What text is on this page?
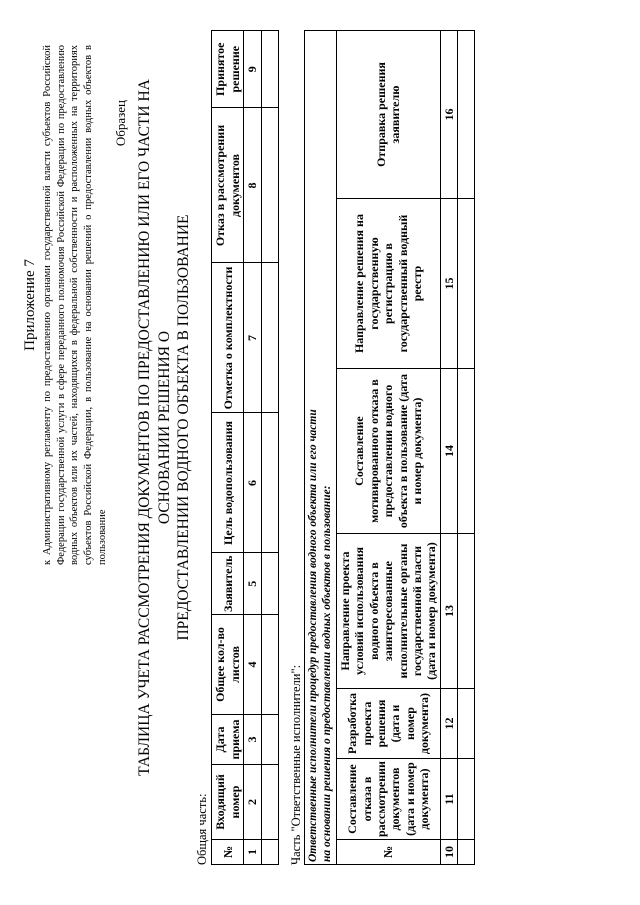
Приложение 7 к Административному регламенту по предоставлению органами государственной власти субъектов Российской Федерации государственной услуги в сфере переданного полномочия Российской Федерации по предоставлению водных объектов или их частей, находящихся в федеральной собственности и расположенных на территориях субъектов Российской Федерации, в пользование на основании решений о предоставлении водных объектов в пользование
Образец ТАБЛИЦА УЧЕТА РАССМОТРЕНИЯ ДОКУМЕНТОВ ПО ПРЕДОСТАВЛЕНИЮ ИЛИ ЕГО ЧАСТИ НА ОСНОВАНИИ РЕШЕНИЯ О ПРЕДОСТАВЛЕНИИ ВОДНОГО ОБЪЕКТА В ПОЛЬЗОВАНИЕ
Общая часть: №	Входящий номер	Дата приема	Общее кол-во листов	Заявитель	Цель водопользования	Отметка о комплектности	Отказ в рассмотрении документов	Принятое решение
1	2	3	4	5	6	7	8	9

Часть "Ответственные исполнители": Ответственные исполнители процедур предоставления водного объекта или его части на основании решения о предоставлении водных объектов в пользование:						

№	Составление отказа в рассмотрении документов (дата и номер документа)	Разработка проекта решения (дата и номер документа)	Направление проекта условий использования водного объекта в заинтересованные исполнительные органы государственной власти (дата и номер документа)	Составление мотивированного отказа в предоставлении водного объекта в пользование (дата и номер документа)	Направление решения на государственную регистрацию в государственный водный реестр	Отправка решения заявителю
10	11	12	13	14	15	16
